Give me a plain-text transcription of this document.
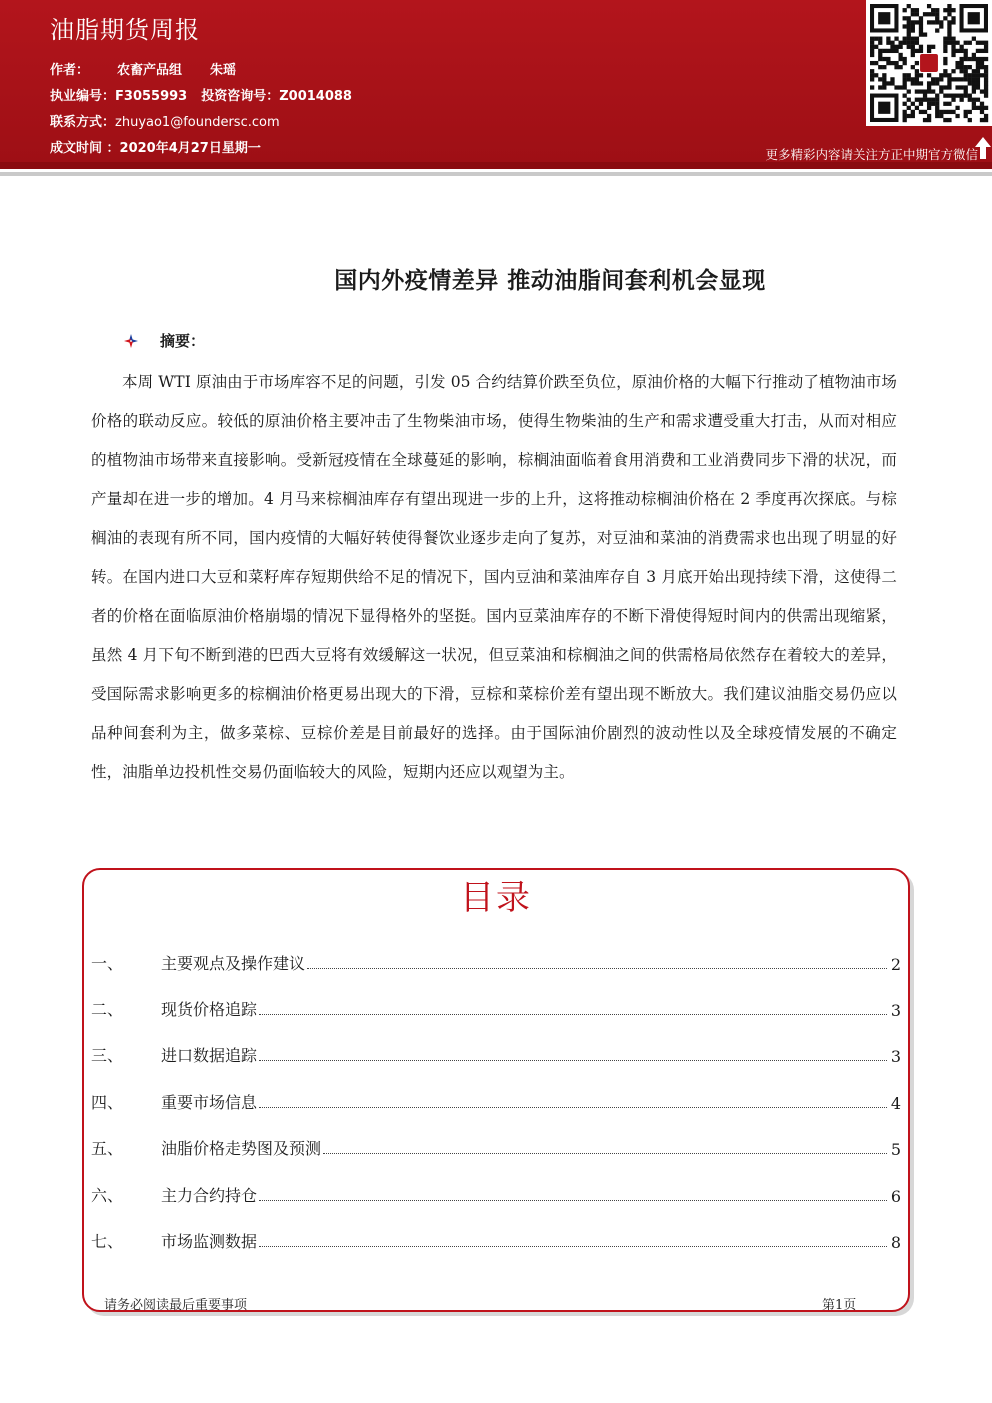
油脂期货周报
作者： 农畜产品组 朱瑶
执业编号：F3055993 投资咨询号：Z0014088
联系方式：zhuyao1@foundersc.com
成文时间 ：2020年4月27日星期一	更多精彩内容请关注方正中期官方微信
国内外疫情差异 推动油脂间套利机会显现
摘要：
本周 WTI 原油由于市场库容不足的问题，引发 05 合约结算价跌至负位，原油价格的大幅下行推动了植物油市场价格的联动反应。较低的原油价格主要冲击了生物柴油市场，使得生物柴油的生产和需求遭受重大打击，从而对相应的植物油市场带来直接影响。受新冠疫情在全球蔓延的影响，棕榈油面临着食用消费和工业消费同步下滑的状况，而产量却在进一步的增加。4 月马来棕榈油库存有望出现进一步的上升，这将推动棕榈油价格在 2 季度再次探底。与棕榈油的表现有所不同，国内疫情的大幅好转使得餐饮业逐步走向了复苏，对豆油和菜油的消费需求也出现了明显的好转。在国内进口大豆和菜籽库存短期供给不足的情况下，国内豆油和菜油库存自 3 月底开始出现持续下滑，这使得二者的价格在面临原油价格崩塌的情况下显得格外的坚挺。国内豆菜油库存的不断下滑使得短时间内的供需出现缩紧，虽然 4 月下旬不断到港的巴西大豆将有效缓解这一状况，但豆菜油和棕榈油之间的供需格局依然存在着较大的差异，受国际需求影响更多的棕榈油价格更易出现大的下滑，豆棕和菜棕价差有望出现不断放大。我们建议油脂交易仍应以品种间套利为主，做多菜棕、豆棕价差是目前最好的选择。由于国际油价剧烈的波动性以及全球疫情发展的不确定性，油脂单边投机性交易仍面临较大的风险，短期内还应以观望为主。
目录
一、	主要观点及操作建议	2
二、	现货价格追踪	3
三、	进口数据追踪	3
四、	重要市场信息	4
五、	油脂价格走势图及预测	5
六、	主力合约持仓	6
七、	市场监测数据	8
请务必阅读最后重要事项	第1页
